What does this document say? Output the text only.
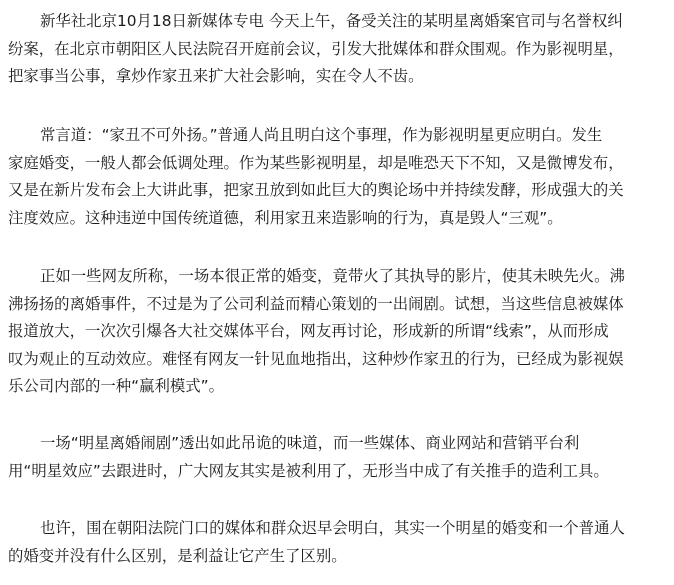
新华社北京10月18日新媒体专电 今天上午，备受关注的某明星离婚案官司与名誉权纠
纷案，在北京市朝阳区人民法院召开庭前会议，引发大批媒体和群众围观。作为影视明星，
把家事当公事，拿炒作家丑来扩大社会影响，实在令人不齿。
常言道：“家丑不可外扬。”普通人尚且明白这个事理，作为影视明星更应明白。发生
家庭婚变，一般人都会低调处理。作为某些影视明星，却是唯恐天下不知，又是微博发布，
又是在新片发布会上大讲此事，把家丑放到如此巨大的舆论场中并持续发酵，形成强大的关
注度效应。这种违逆中国传统道德，利用家丑来造影响的行为，真是毁人“三观”。
正如一些网友所称，一场本很正常的婚变，竟带火了其执导的影片，使其未映先火。沸
沸扬扬的离婚事件，不过是为了公司利益而精心策划的一出闹剧。试想，当这些信息被媒体
报道放大，一次次引爆各大社交媒体平台，网友再讨论，形成新的所谓“线索”，从而形成
叹为观止的互动效应。难怪有网友一针见血地指出，这种炒作家丑的行为，已经成为影视娱
乐公司内部的一种“赢利模式”。
一场“明星离婚闹剧”透出如此吊诡的味道，而一些媒体、商业网站和营销平台利
用“明星效应”去跟进时，广大网友其实是被利用了，无形当中成了有关推手的造利工具。
也许，围在朝阳法院门口的媒体和群众迟早会明白，其实一个明星的婚变和一个普通人
的婚变并没有什么区别，是利益让它产生了区别。
